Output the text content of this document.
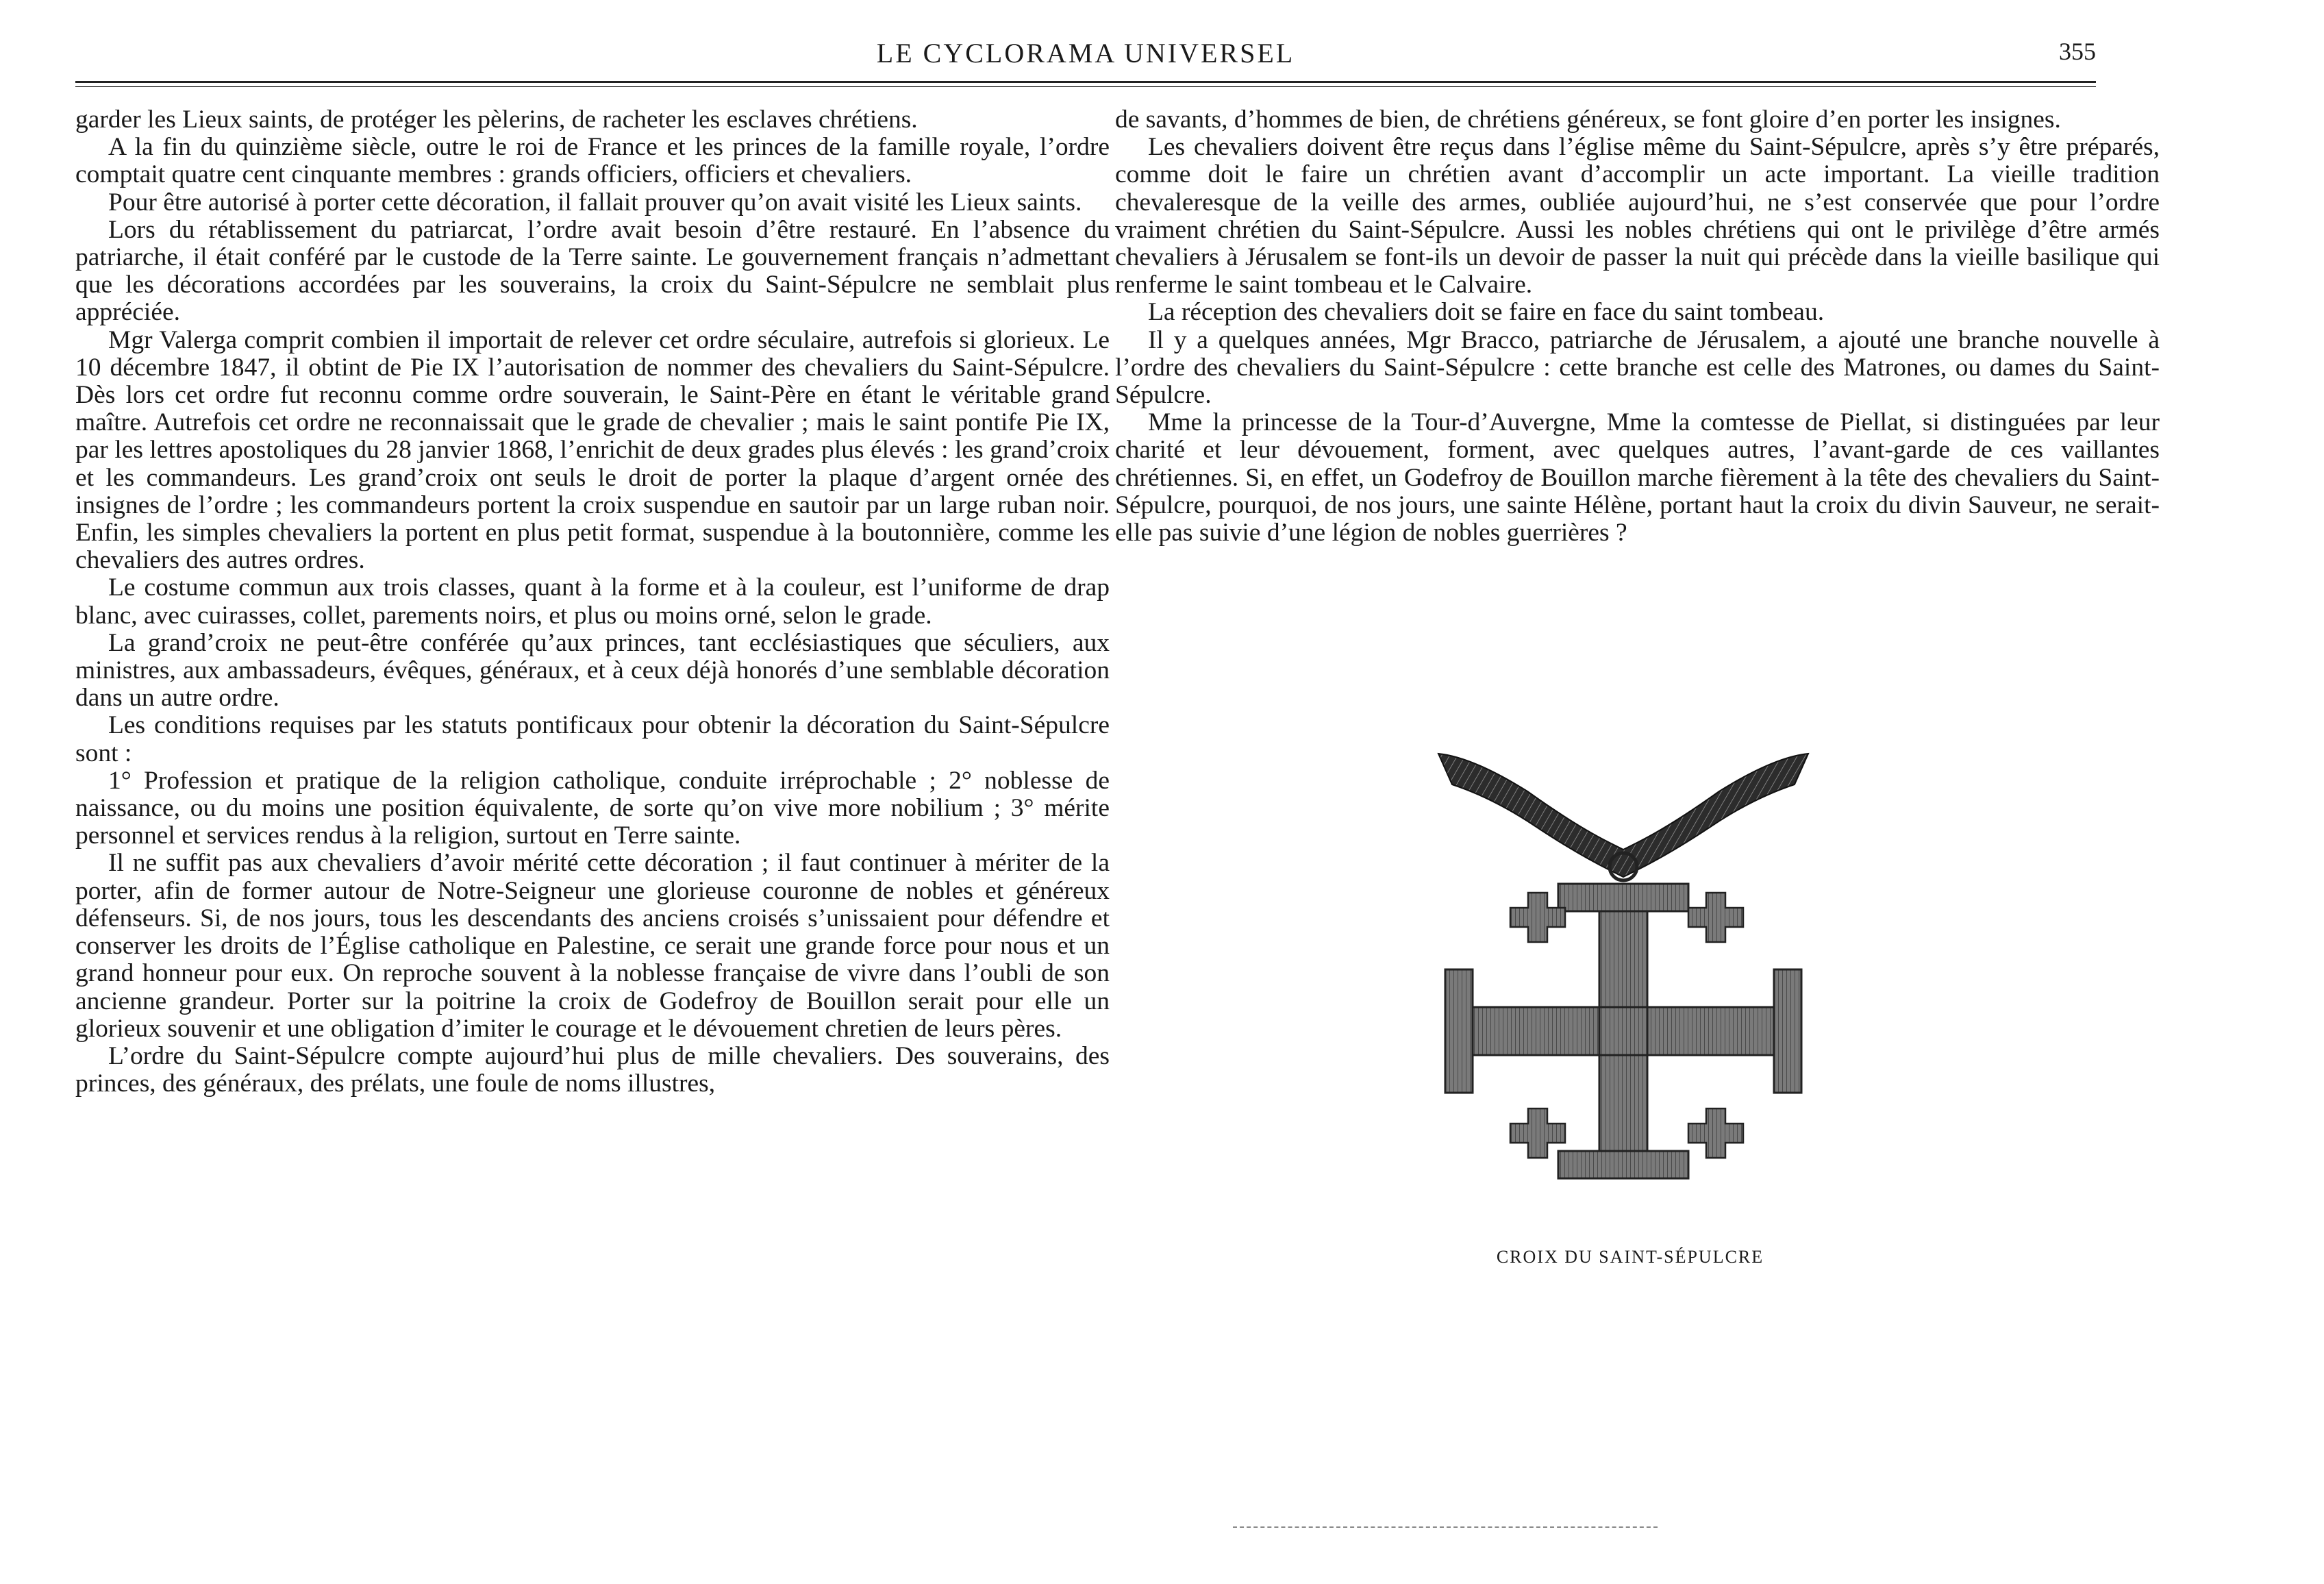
LE CYCLORAMA UNIVERSEL	355

garder les Lieux saints, de protéger les pèlerins, de racheter les esclaves chrétiens.

A la fin du quinzième siècle, outre le roi de France et les princes de la famille royale, l’ordre comptait quatre cent cinquante membres : grands officiers, officiers et chevaliers.

Pour être autorisé à porter cette décoration, il fallait prouver qu’on avait visité les Lieux saints.

Lors du rétablissement du patriarcat, l’ordre avait besoin d’être restauré. En l’absence du patriarche, il était conféré par le custode de la Terre sainte. Le gouvernement français n’admettant que les décorations accordées par les souverains, la croix du Saint-Sépulcre ne semblait plus appréciée.

Mgr Valerga comprit combien il importait de relever cet ordre séculaire, autrefois si glorieux. Le 10 décembre 1847, il obtint de Pie IX l’autorisation de nommer des chevaliers du Saint-Sépulcre. Dès lors cet ordre fut reconnu comme ordre souverain, le Saint-Père en étant le véritable grand maître. Autrefois cet ordre ne reconnaissait que le grade de chevalier ; mais le saint pontife Pie IX, par les lettres apostoliques du 28 janvier 1868, l’enrichit de deux grades plus élevés : les grand’croix et les commandeurs. Les grand’croix ont seuls le droit de porter la plaque d’argent ornée des insignes de l’ordre ; les commandeurs portent la croix suspendue en sautoir par un large ruban noir. Enfin, les simples chevaliers la portent en plus petit format, suspendue à la boutonnière, comme les chevaliers des autres ordres.

Le costume commun aux trois classes, quant à la forme et à la couleur, est l’uniforme de drap blanc, avec cuirasses, collet, parements noirs, et plus ou moins orné, selon le grade.

La grand’croix ne peut-être conférée qu’aux princes, tant ecclésiastiques que séculiers, aux ministres, aux ambassadeurs, évêques, généraux, et à ceux déjà honorés d’une semblable décoration dans un autre ordre.

Les conditions requises par les statuts pontificaux pour obtenir la décoration du Saint-Sépulcre sont :

1° Profession et pratique de la religion catholique, conduite irréprochable ; 2° noblesse de naissance, ou du moins une position équivalente, de sorte qu’on vive more nobilium ; 3° mérite personnel et services rendus à la religion, surtout en Terre sainte.

Il ne suffit pas aux chevaliers d’avoir mérité cette décoration ; il faut continuer à mériter de la porter, afin de former autour de Notre-Seigneur une glorieuse couronne de nobles et généreux défenseurs. Si, de nos jours, tous les descendants des anciens croisés s’unissaient pour défendre et conserver les droits de l’Église catholique en Palestine, ce serait une grande force pour nous et un grand honneur pour eux. On reproche souvent à la noblesse française de vivre dans l’oubli de son ancienne grandeur. Porter sur la poitrine la croix de Godefroy de Bouillon serait pour elle un glorieux souvenir et une obligation d’imiter le courage et le dévouement chretien de leurs pères.

L’ordre du Saint-Sépulcre compte aujourd’hui plus de mille chevaliers. Des souverains, des princes, des généraux, des prélats, une foule de noms illustres,

de savants, d’hommes de bien, de chrétiens généreux, se font gloire d’en porter les insignes.

Les chevaliers doivent être reçus dans l’église même du Saint-Sépulcre, après s’y être préparés, comme doit le faire un chrétien avant d’accomplir un acte important. La vieille tradition chevaleresque de la veille des armes, oubliée aujourd’hui, ne s’est conservée que pour l’ordre vraiment chrétien du Saint-Sépulcre. Aussi les nobles chrétiens qui ont le privilège d’être armés chevaliers à Jérusalem se font-ils un devoir de passer la nuit qui précède dans la vieille basilique qui renferme le saint tombeau et le Calvaire.

La réception des chevaliers doit se faire en face du saint tombeau.

Il y a quelques années, Mgr Bracco, patriarche de Jérusalem, a ajouté une branche nouvelle à l’ordre des chevaliers du Saint-Sépulcre : cette branche est celle des Matrones, ou dames du Saint-Sépulcre.

Mme la princesse de la Tour-d’Auvergne, Mme la comtesse de Piellat, si distinguées par leur charité et leur dévouement, forment, avec quelques autres, l’avant-garde de ces vaillantes chrétiennes. Si, en effet, un Godefroy de Bouillon marche fièrement à la tête des chevaliers du Saint-Sépulcre, pourquoi, de nos jours, une sainte Hélène, portant haut la croix du divin Sauveur, ne serait-elle pas suivie d’une légion de nobles guerrières ?

CROIX DU SAINT-SÉPULCRE
